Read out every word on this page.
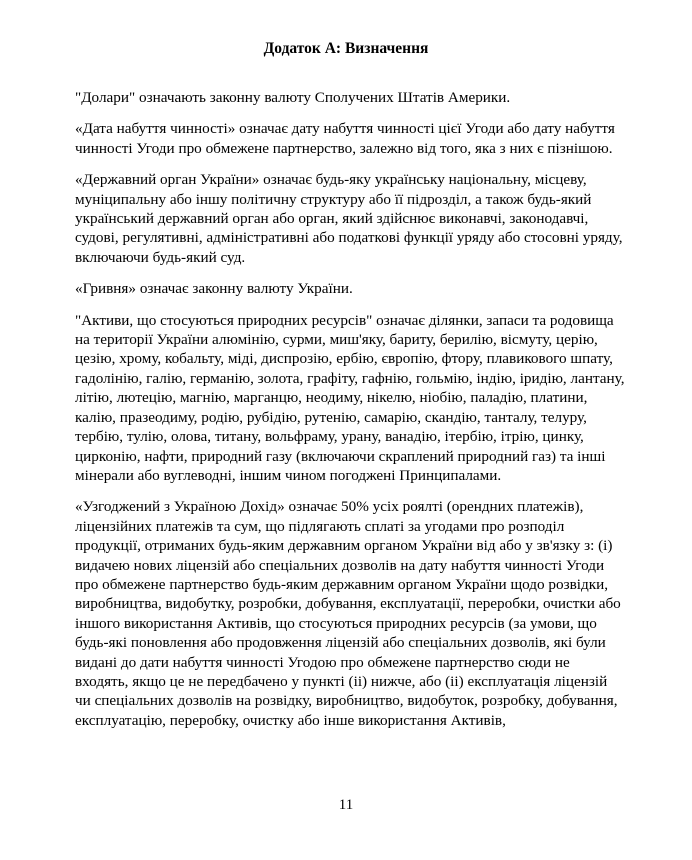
Додаток А: Визначення

"Долари" означають законну валюту Сполучених Штатів Америки.

«Дата набуття чинності» означає дату набуття чинності цієї Угоди або дату набуття чинності Угоди про обмежене партнерство, залежно від того, яка з них є пізнішою.

«Державний орган України» означає будь-яку українську національну, місцеву, муніципальну або іншу політичну структуру або її підрозділ, а також будь-який український державний орган або орган, який здійснює виконавчі, законодавчі, судові, регулятивні, адміністративні або податкові функції уряду або стосовні уряду, включаючи будь-який суд.

«Гривня» означає законну валюту України.

"Активи, що стосуються природних ресурсів" означає ділянки, запаси та родовища на території України алюмінію, сурми, миш'яку, бариту, берилію, вісмуту, церію, цезію, хрому, кобальту, міді, диспрозію, ербію, європію, фтору, плавикового шпату, гадолінію, галію, германію, золота, графіту, гафнію, гольмію, індію, іридію, лантану, літію, лютецію, магнію, марганцю, неодиму, нікелю, ніобію, паладію, платини, калію, празеодиму, родію, рубідію, рутенію, самарію, скандію, танталу, телуру, тербію, тулію, олова, титану, вольфраму, урану, ванадію, ітербію, ітрію, цинку, цирконію, нафти, природний газу (включаючи скраплений природний газ) та інші мінерали або вуглеводні, іншим чином погоджені Принципалами.

«Узгоджений з Україною Дохід» означає 50% усіх роялті (орендних платежів), ліцензійних платежів та сум, що підлягають сплаті за угодами про розподіл продукції, отриманих будь-яким державним органом України від або у зв'язку з: (і) видачею нових ліцензій або спеціальних дозволів на дату набуття чинності Угоди про обмежене партнерство будь-яким державним органом України щодо розвідки, виробництва, видобутку, розробки, добування, експлуатації, переробки, очистки або іншого використання Активів, що стосуються природних ресурсів (за умови, що будь-які поновлення або продовження ліцензій або спеціальних дозволів, які були видані до дати набуття чинності Угодою про обмежене партнерство сюди не входять, якщо це не передбачено у пункті (іі) нижче, або (іі) експлуатація ліцензій чи спеціальних дозволів на розвідку, виробництво, видобуток, розробку, добування, експлуатацію, переробку, очистку або інше використання Активів,

11
